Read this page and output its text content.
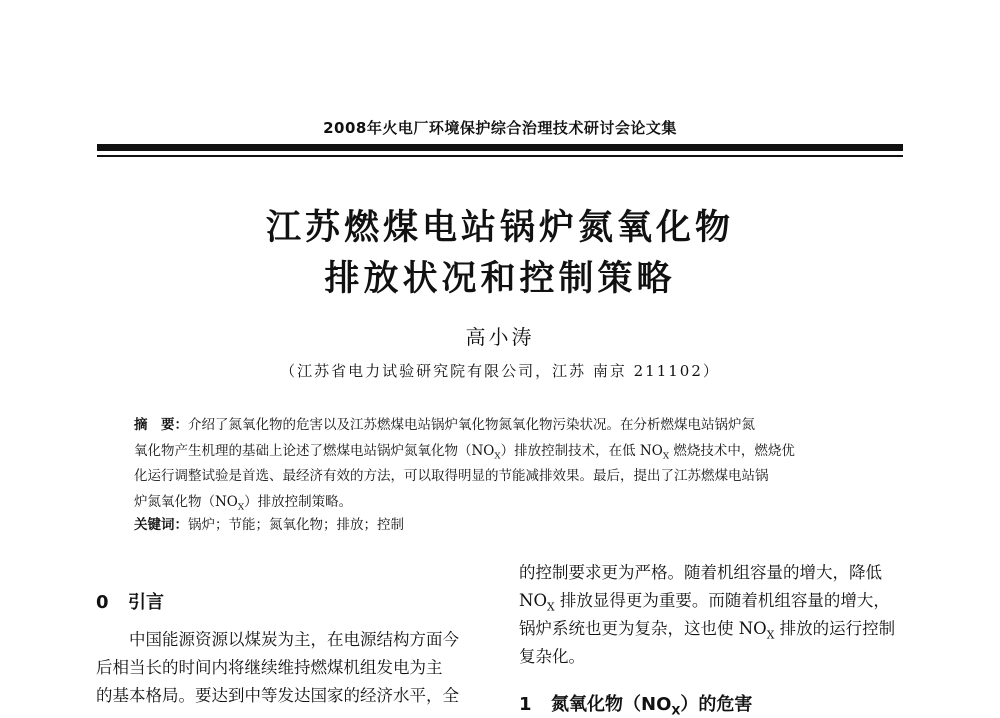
2008年火电厂环境保护综合治理技术研讨会论文集
江苏燃煤电站锅炉氮氧化物
排放状况和控制策略
高小涛
（江苏省电力试验研究院有限公司，江苏 南京 211102）
摘　要：介绍了氮氧化物的危害以及江苏燃煤电站锅炉氧化物氮氧化物污染状况。在分析燃煤电站锅炉氮
氧化物产生机理的基础上论述了燃煤电站锅炉氮氧化物$(NO_X)$排放控制技术，在低 $NO_X$ 燃烧技术中，燃烧优
化运行调整试验是首选、最经济有效的方法，可以取得明显的节能减排效果。最后，提出了江苏燃煤电站锅
炉氮氧化物$(NO_X)$排放控制策略。
关键词：锅炉；节能；氮氧化物；排放；控制
0 引言
中国能源资源以煤炭为主，在电源结构方面今
后相当长的时间内将继续维持燃煤机组发电为主
的基本格局。要达到中等发达国家的经济水平，全
的控制要求更为严格。随着机组容量的增大，降低
$NO_X$ 排放显得更为重要。而随着机组容量的增大，
锅炉系统也更为复杂，这也使 $NO_X$ 排放的运行控制
复杂化。
1 氮氧化物$(NO_X)$的危害
